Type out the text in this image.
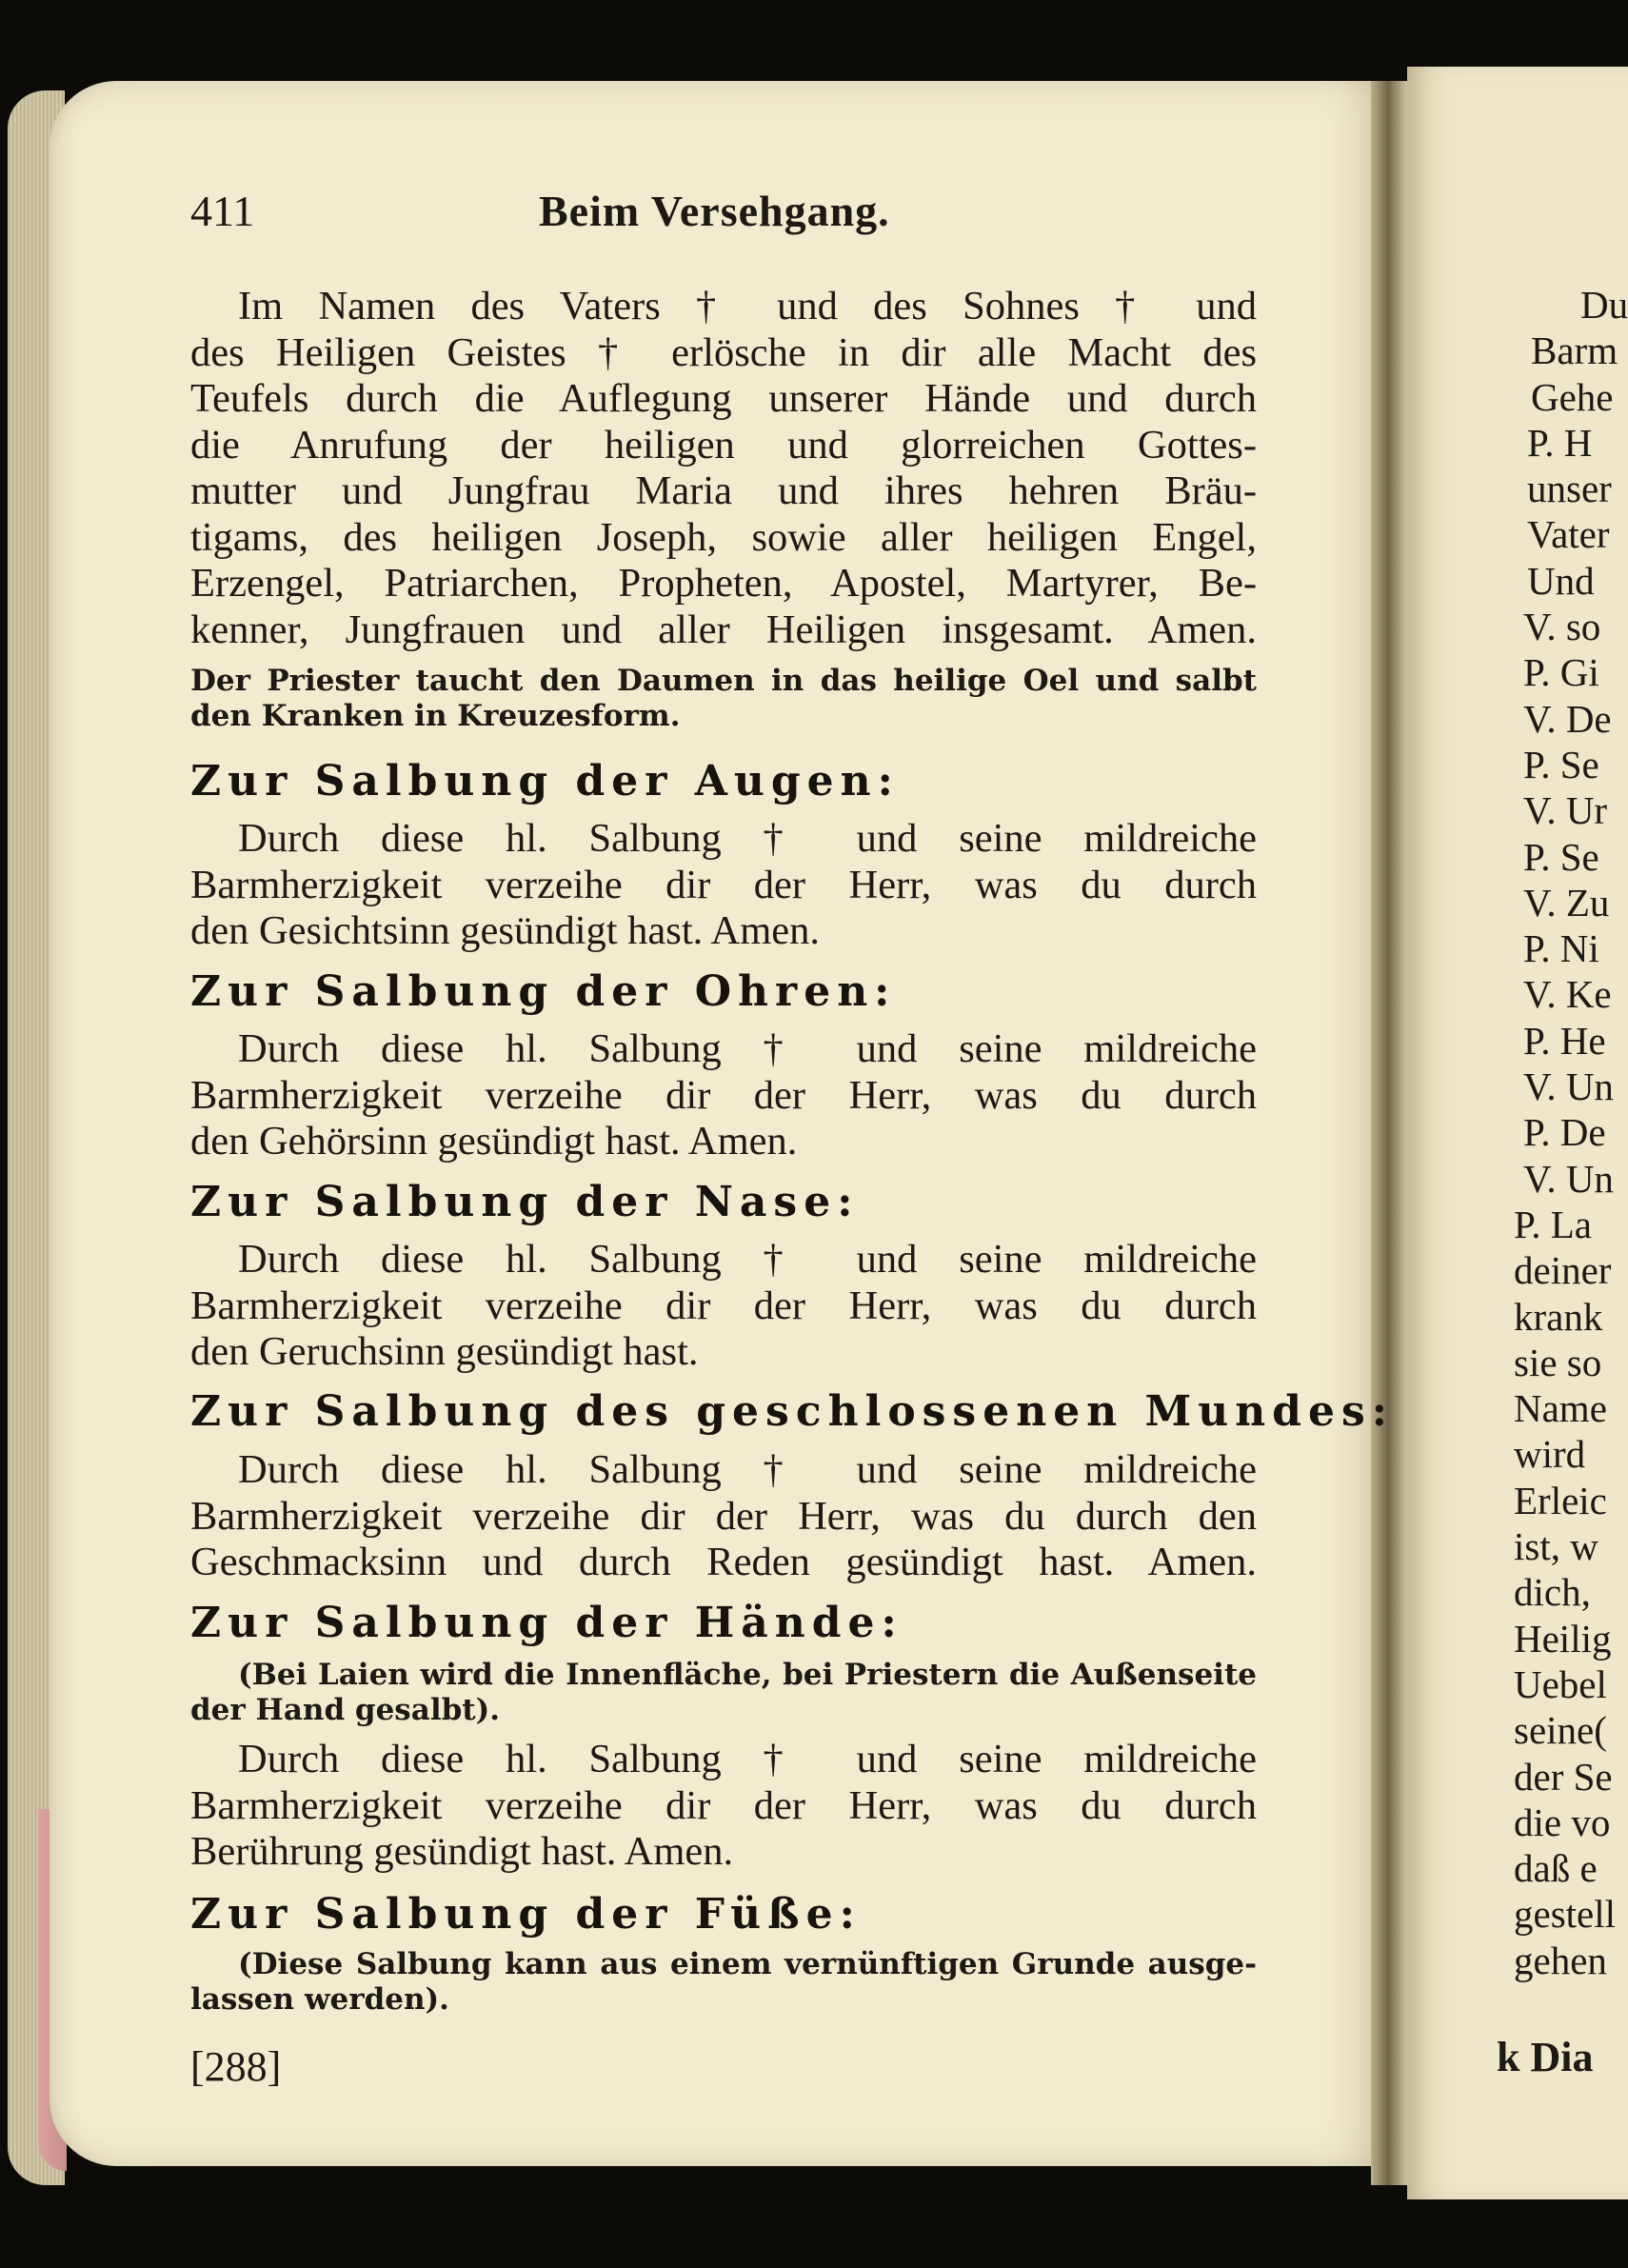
411	Beim Versehgang.
Im Namen des Vaters † und des Sohnes † und
des Heiligen Geistes † erlösche in dir alle Macht des
Teufels durch die Auflegung unserer Hände und durch
die Anrufung der heiligen und glorreichen Gottes-
mutter und Jungfrau Maria und ihres hehren Bräu-
tigams, des heiligen Joseph, sowie aller heiligen Engel,
Erzengel, Patriarchen, Propheten, Apostel, Martyrer, Be-
kenner, Jungfrauen und aller Heiligen insgesamt. Amen.
Der Priester taucht den Daumen in das heilige Oel und salbt
den Kranken in Kreuzesform.
Zur Salbung der Augen:
Durch diese hl. Salbung † und seine mildreiche
Barmherzigkeit verzeihe dir der Herr, was du durch
den Gesichtsinn gesündigt hast. Amen.
Zur Salbung der Ohren:
Durch diese hl. Salbung † und seine mildreiche
Barmherzigkeit verzeihe dir der Herr, was du durch
den Gehörsinn gesündigt hast. Amen.
Zur Salbung der Nase:
Durch diese hl. Salbung † und seine mildreiche
Barmherzigkeit verzeihe dir der Herr, was du durch
den Geruchsinn gesündigt hast.
Zur Salbung des geschlossenen Mundes:
Durch diese hl. Salbung † und seine mildreiche
Barmherzigkeit verzeihe dir der Herr, was du durch den
Geschmacksinn und durch Reden gesündigt hast. Amen.
Zur Salbung der Hände:
(Bei Laien wird die Innenfläche, bei Priestern die Außenseite
der Hand gesalbt).
Durch diese hl. Salbung † und seine mildreiche
Barmherzigkeit verzeihe dir der Herr, was du durch
Berührung gesündigt hast. Amen.
Zur Salbung der Füße:
(Diese Salbung kann aus einem vernünftigen Grunde ausge-
lassen werden).
[288]
Du
Barm
Gehe
P. H
unser
Vater
Und
V. so
P. Gi
V. De
P. Se
V. Ur
P. Se
V. Zu
P. Ni
V. Ke
P. He
V. Un
P. De
V. Un
P. La
deiner
krank
sie so
Name
wird
Erleic
ist, w
dich,
Heilig
Uebel
seine(
der Se
die vo
daß e
gestell
gehen
k Dia
